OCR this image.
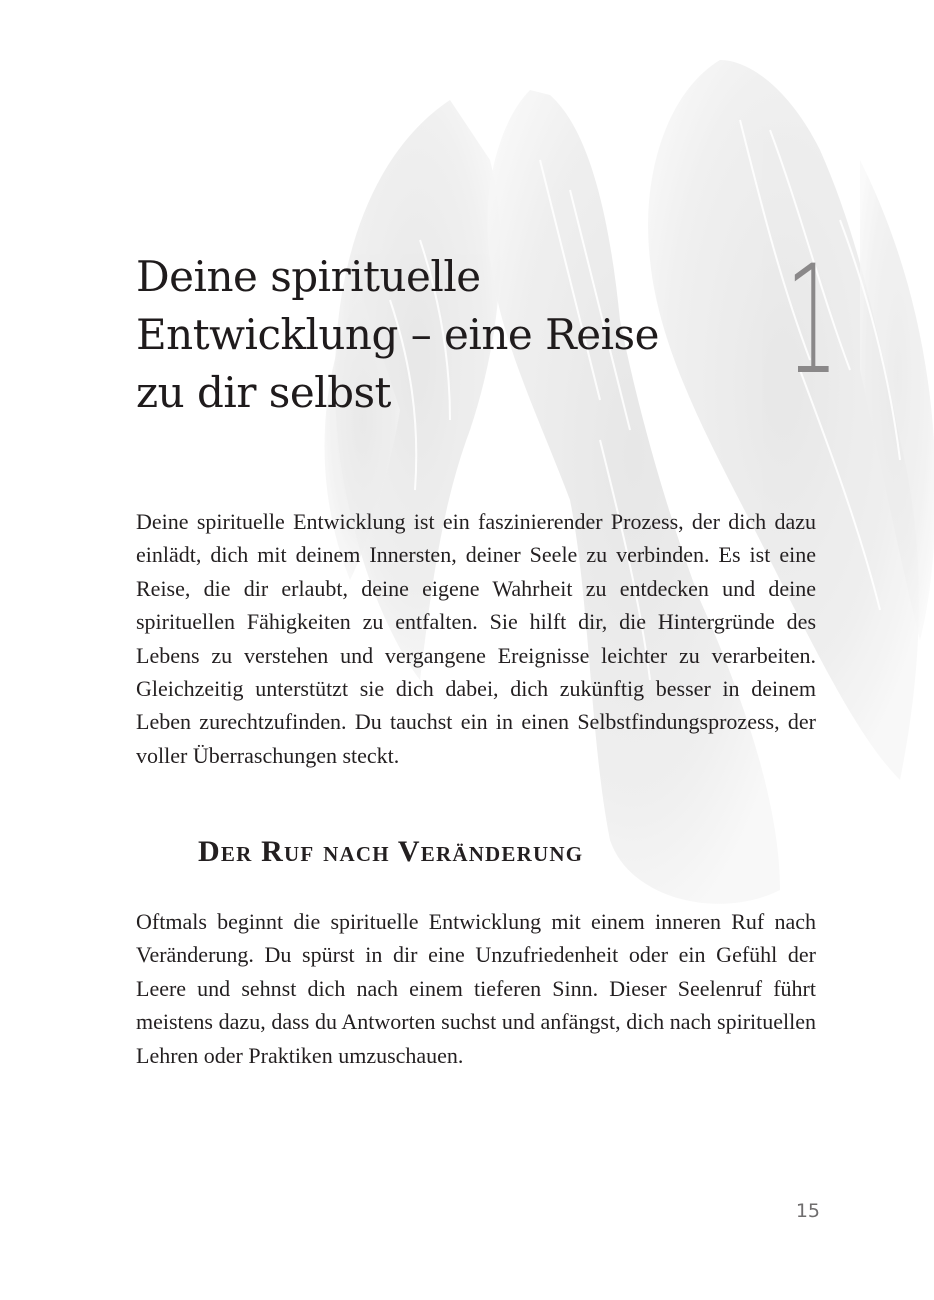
Deine spirituelle Entwicklung – eine Reise zu dir selbst	1

Deine spirituelle Entwicklung ist ein faszinierender Prozess, der dich dazu einlädt, dich mit deinem Innersten, deiner Seele zu verbinden. Es ist eine Reise, die dir erlaubt, deine eigene Wahrheit zu entdecken und deine spirituellen Fähigkeiten zu entfalten. Sie hilft dir, die Hintergründe des Lebens zu verstehen und vergangene Ereignisse leichter zu verarbeiten. Gleichzeitig unterstützt sie dich dabei, dich zukünftig besser in deinem Leben zurechtzufinden. Du tauchst ein in einen Selbstfindungsprozess, der voller Überraschungen steckt.

Der Ruf nach Veränderung

Oftmals beginnt die spirituelle Entwicklung mit einem inneren Ruf nach Veränderung. Du spürst in dir eine Unzufriedenheit oder ein Gefühl der Leere und sehnst dich nach einem tieferen Sinn. Dieser Seelenruf führt meistens dazu, dass du Antworten suchst und anfängst, dich nach spirituellen Lehren oder Praktiken umzuschauen.

15
